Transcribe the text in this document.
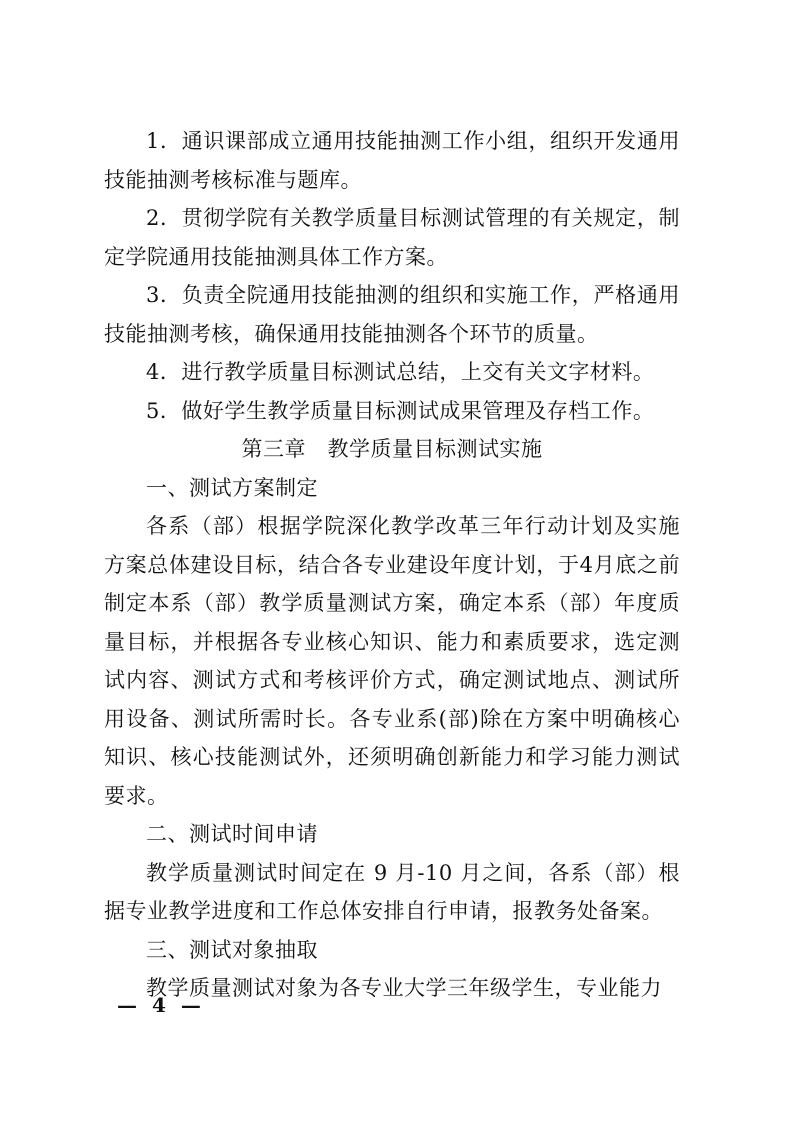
1．通识课部成立通用技能抽测工作小组，组织开发通用技能抽测考核标准与题库。

2．贯彻学院有关教学质量目标测试管理的有关规定，制定学院通用技能抽测具体工作方案。

3．负责全院通用技能抽测的组织和实施工作，严格通用技能抽测考核，确保通用技能抽测各个环节的质量。

4．进行教学质量目标测试总结，上交有关文字材料。

5．做好学生教学质量目标测试成果管理及存档工作。

第三章　教学质量目标测试实施

一、测试方案制定

各系（部）根据学院深化教学改革三年行动计划及实施方案总体建设目标，结合各专业建设年度计划，于4月底之前制定本系（部）教学质量测试方案，确定本系（部）年度质量目标，并根据各专业核心知识、能力和素质要求，选定测试内容、测试方式和考核评价方式，确定测试地点、测试所用设备、测试所需时长。各专业系(部)除在方案中明确核心知识、核心技能测试外，还须明确创新能力和学习能力测试要求。

二、测试时间申请

教学质量测试时间定在 9 月-10 月之间，各系（部）根据专业教学进度和工作总体安排自行申请，报教务处备案。

三、测试对象抽取

教学质量测试对象为各专业大学三年级学生，专业能力

— 4 —
